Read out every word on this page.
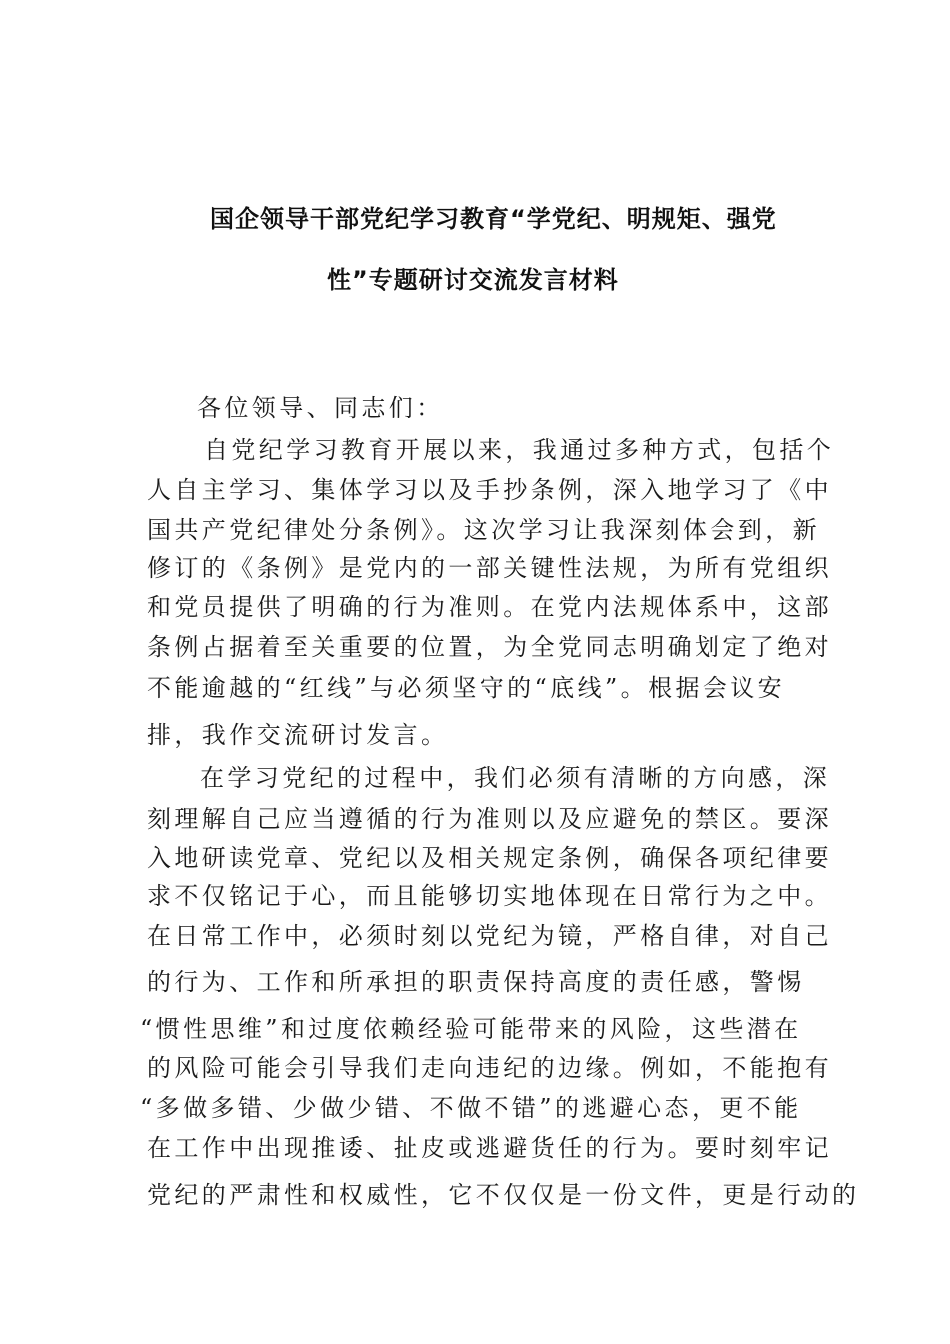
国企领导干部党纪学习教育“学党纪、明规矩、强党
性”专题研讨交流发言材料
各位领导、同志们：
自党纪学习教育开展以来，我通过多种方式，包括个
人自主学习、集体学习以及手抄条例，深入地学习了《中
国共产党纪律处分条例》。这次学习让我深刻体会到，新
修订的《条例》是党内的一部关键性法规，为所有党组织
和党员提供了明确的行为准则。在党内法规体系中，这部
条例占据着至关重要的位置，为全党同志明确划定了绝对
不能逾越的“红线”与必须坚守的“底线”。根据会议安
排，我作交流研讨发言。
在学习党纪的过程中，我们必须有清晰的方向感，深
刻理解自己应当遵循的行为准则以及应避免的禁区。要深
入地研读党章、党纪以及相关规定条例，确保各项纪律要
求不仅铭记于心，而且能够切实地体现在日常行为之中。
在日常工作中，必须时刻以党纪为镜，严格自律，对自己
的行为、工作和所承担的职责保持高度的责任感，警惕
“惯性思维”和过度依赖经验可能带来的风险，这些潜在
的风险可能会引导我们走向违纪的边缘。例如，不能抱有
“多做多错、少做少错、不做不错”的逃避心态，更不能
在工作中出现推诿、扯皮或逃避货任的行为。要时刻牢记
党纪的严肃性和权威性，它不仅仅是一份文件，更是行动的
